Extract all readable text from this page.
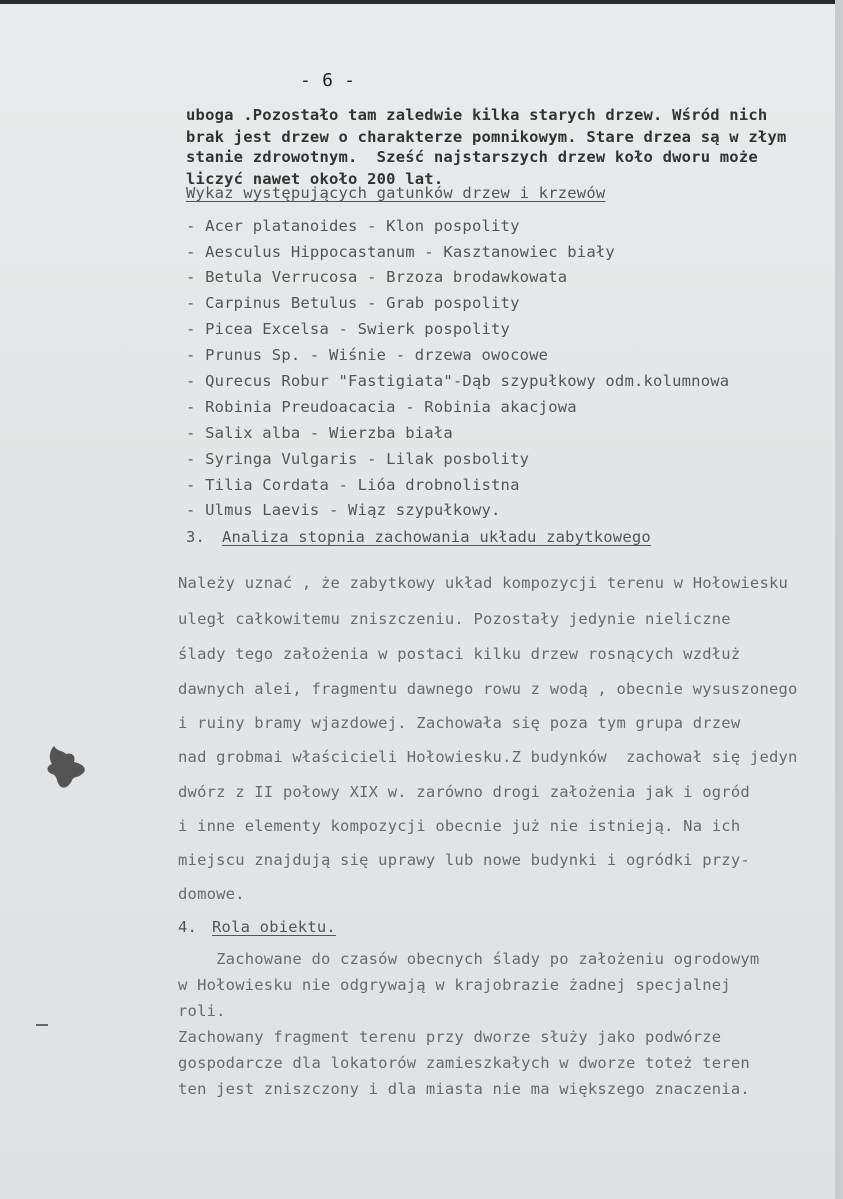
- 6 -
uboga .Pozostało tam zaledwie kilka starych drzew. Wśród nich
brak jest drzew o charakterze pomnikowym. Stare drzea są w złym
stanie zdrowotnym.  Sześć najstarszych drzew koło dworu może
liczyć nawet około 200 lat.
Wykaz występujących gatunków drzew i krzewów
- Acer platanoides - Klon pospolity
- Aesculus Hippocastanum - Kasztanowiec biały
- Betula Verrucosa - Brzoza brodawkowata
- Carpinus Betulus - Grab pospolity
- Picea Excelsa - Swierk pospolity
- Prunus Sp. - Wiśnie - drzewa owocowe
- Qurecus Robur "Fastigiata"-Dąb szypułkowy odm.kolumnowa
- Robinia Preudoacacia - Robinia akacjowa
- Salix alba - Wierzba biała
- Syringa Vulgaris - Lilak posbolity
- Tilia Cordata - Lióa drobnolistna
- Ulmus Laevis - Wiąz szypułkowy.
3. Analiza stopnia zachowania układu zabytkowego
Należy uznać , że zabytkowy układ kompozycji terenu w Hołowiesku
uległ całkowitemu zniszczeniu. Pozostały jedynie nieliczne
ślady tego założenia w postaci kilku drzew rosnących wzdłuż
dawnych alei, fragmentu dawnego rowu z wodą , obecnie wysuszonego
i ruiny bramy wjazdowej. Zachowała się poza tym grupa drzew
nad grobmai właścicieli Hołowiesku.Z budynków  zachował się jedyn
dwórz z II połowy XIX w. zarówno drogi założenia jak i ogród
i inne elementy kompozycji obecnie już nie istnieją. Na ich
miejscu znajdują się uprawy lub nowe budynki i ogródki przy-
domowe.
4. Rola obiektu.
Zachowane do czasów obecnych ślady po założeniu ogrodowym
w Hołowiesku nie odgrywają w krajobrazie żadnej specjalnej
roli.
Zachowany fragment terenu przy dworze służy jako podwórze
gospodarcze dla lokatorów zamieszkałych w dworze toteż teren
ten jest zniszczony i dla miasta nie ma większego znaczenia.
